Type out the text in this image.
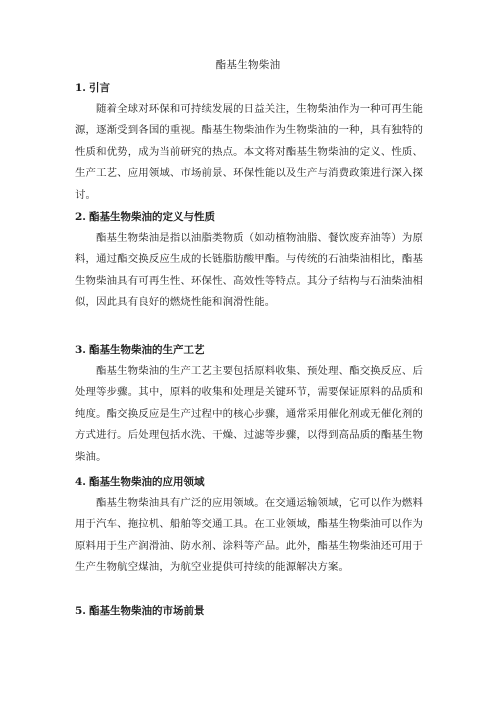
酯基生物柴油
1. 引言
随着全球对环保和可持续发展的日益关注，生物柴油作为一种可再生能源，逐渐受到各国的重视。酯基生物柴油作为生物柴油的一种，具有独特的性质和优势，成为当前研究的热点。本文将对酯基生物柴油的定义、性质、生产工艺、应用领域、市场前景、环保性能以及生产与消费政策进行深入探讨。
2. 酯基生物柴油的定义与性质
酯基生物柴油是指以油脂类物质（如动植物油脂、餐饮废弃油等）为原料，通过酯交换反应生成的长链脂肪酸甲酯。与传统的石油柴油相比，酯基生物柴油具有可再生性、环保性、高效性等特点。其分子结构与石油柴油相似，因此具有良好的燃烧性能和润滑性能。
3. 酯基生物柴油的生产工艺
酯基生物柴油的生产工艺主要包括原料收集、预处理、酯交换反应、后处理等步骤。其中，原料的收集和处理是关键环节，需要保证原料的品质和纯度。酯交换反应是生产过程中的核心步骤，通常采用催化剂或无催化剂的方式进行。后处理包括水洗、干燥、过滤等步骤，以得到高品质的酯基生物柴油。
4. 酯基生物柴油的应用领域
酯基生物柴油具有广泛的应用领域。在交通运输领域，它可以作为燃料用于汽车、拖拉机、船舶等交通工具。在工业领域，酯基生物柴油可以作为原料用于生产润滑油、防水剂、涂料等产品。此外，酯基生物柴油还可用于生产生物航空煤油，为航空业提供可持续的能源解决方案。
5. 酯基生物柴油的市场前景
